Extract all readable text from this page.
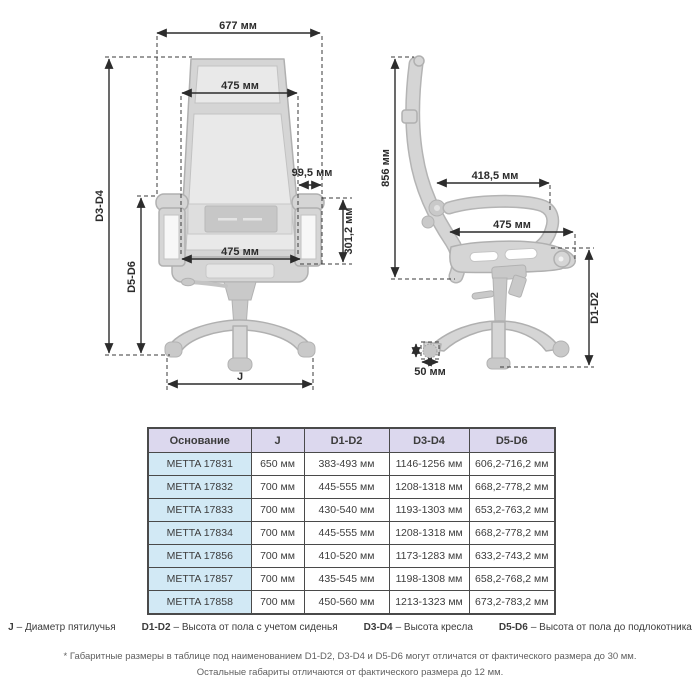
677 мм
D3-D4
475 мм
99,5 мм
301,2 мм
D5-D6
475 мм
J
856 мм	418,5 мм
475 мм
D1-D2
50 мм
Основание	J	D1-D2	D3-D4	D5-D6
METTA 17831	650 мм	383-493 мм	1146-1256 мм	606,2-716,2 мм
METTA 17832	700 мм	445-555 мм	1208-1318 мм	668,2-778,2 мм
METTA 17833	700 мм	430-540 мм	1193-1303 мм	653,2-763,2 мм
METTA 17834	700 мм	445-555 мм	1208-1318 мм	668,2-778,2 мм
METTA 17856	700 мм	410-520 мм	1173-1283 мм	633,2-743,2 мм
METTA 17857	700 мм	435-545 мм	1198-1308 мм	658,2-768,2 мм
METTA 17858	700 мм	450-560 мм	1213-1323 мм	673,2-783,2 мм
J – Диаметр пятилучья	D1-D2 – Высота от пола с учетом сиденья	D3-D4 – Высота кресла	D5-D6 – Высота от пола до подлокотника
* Габаритные размеры в таблице под наименованием D1-D2, D3-D4 и D5-D6 могут отличатся от фактического размера до 30 мм.
Остальные габариты отличаются от фактического размера до 12 мм.
